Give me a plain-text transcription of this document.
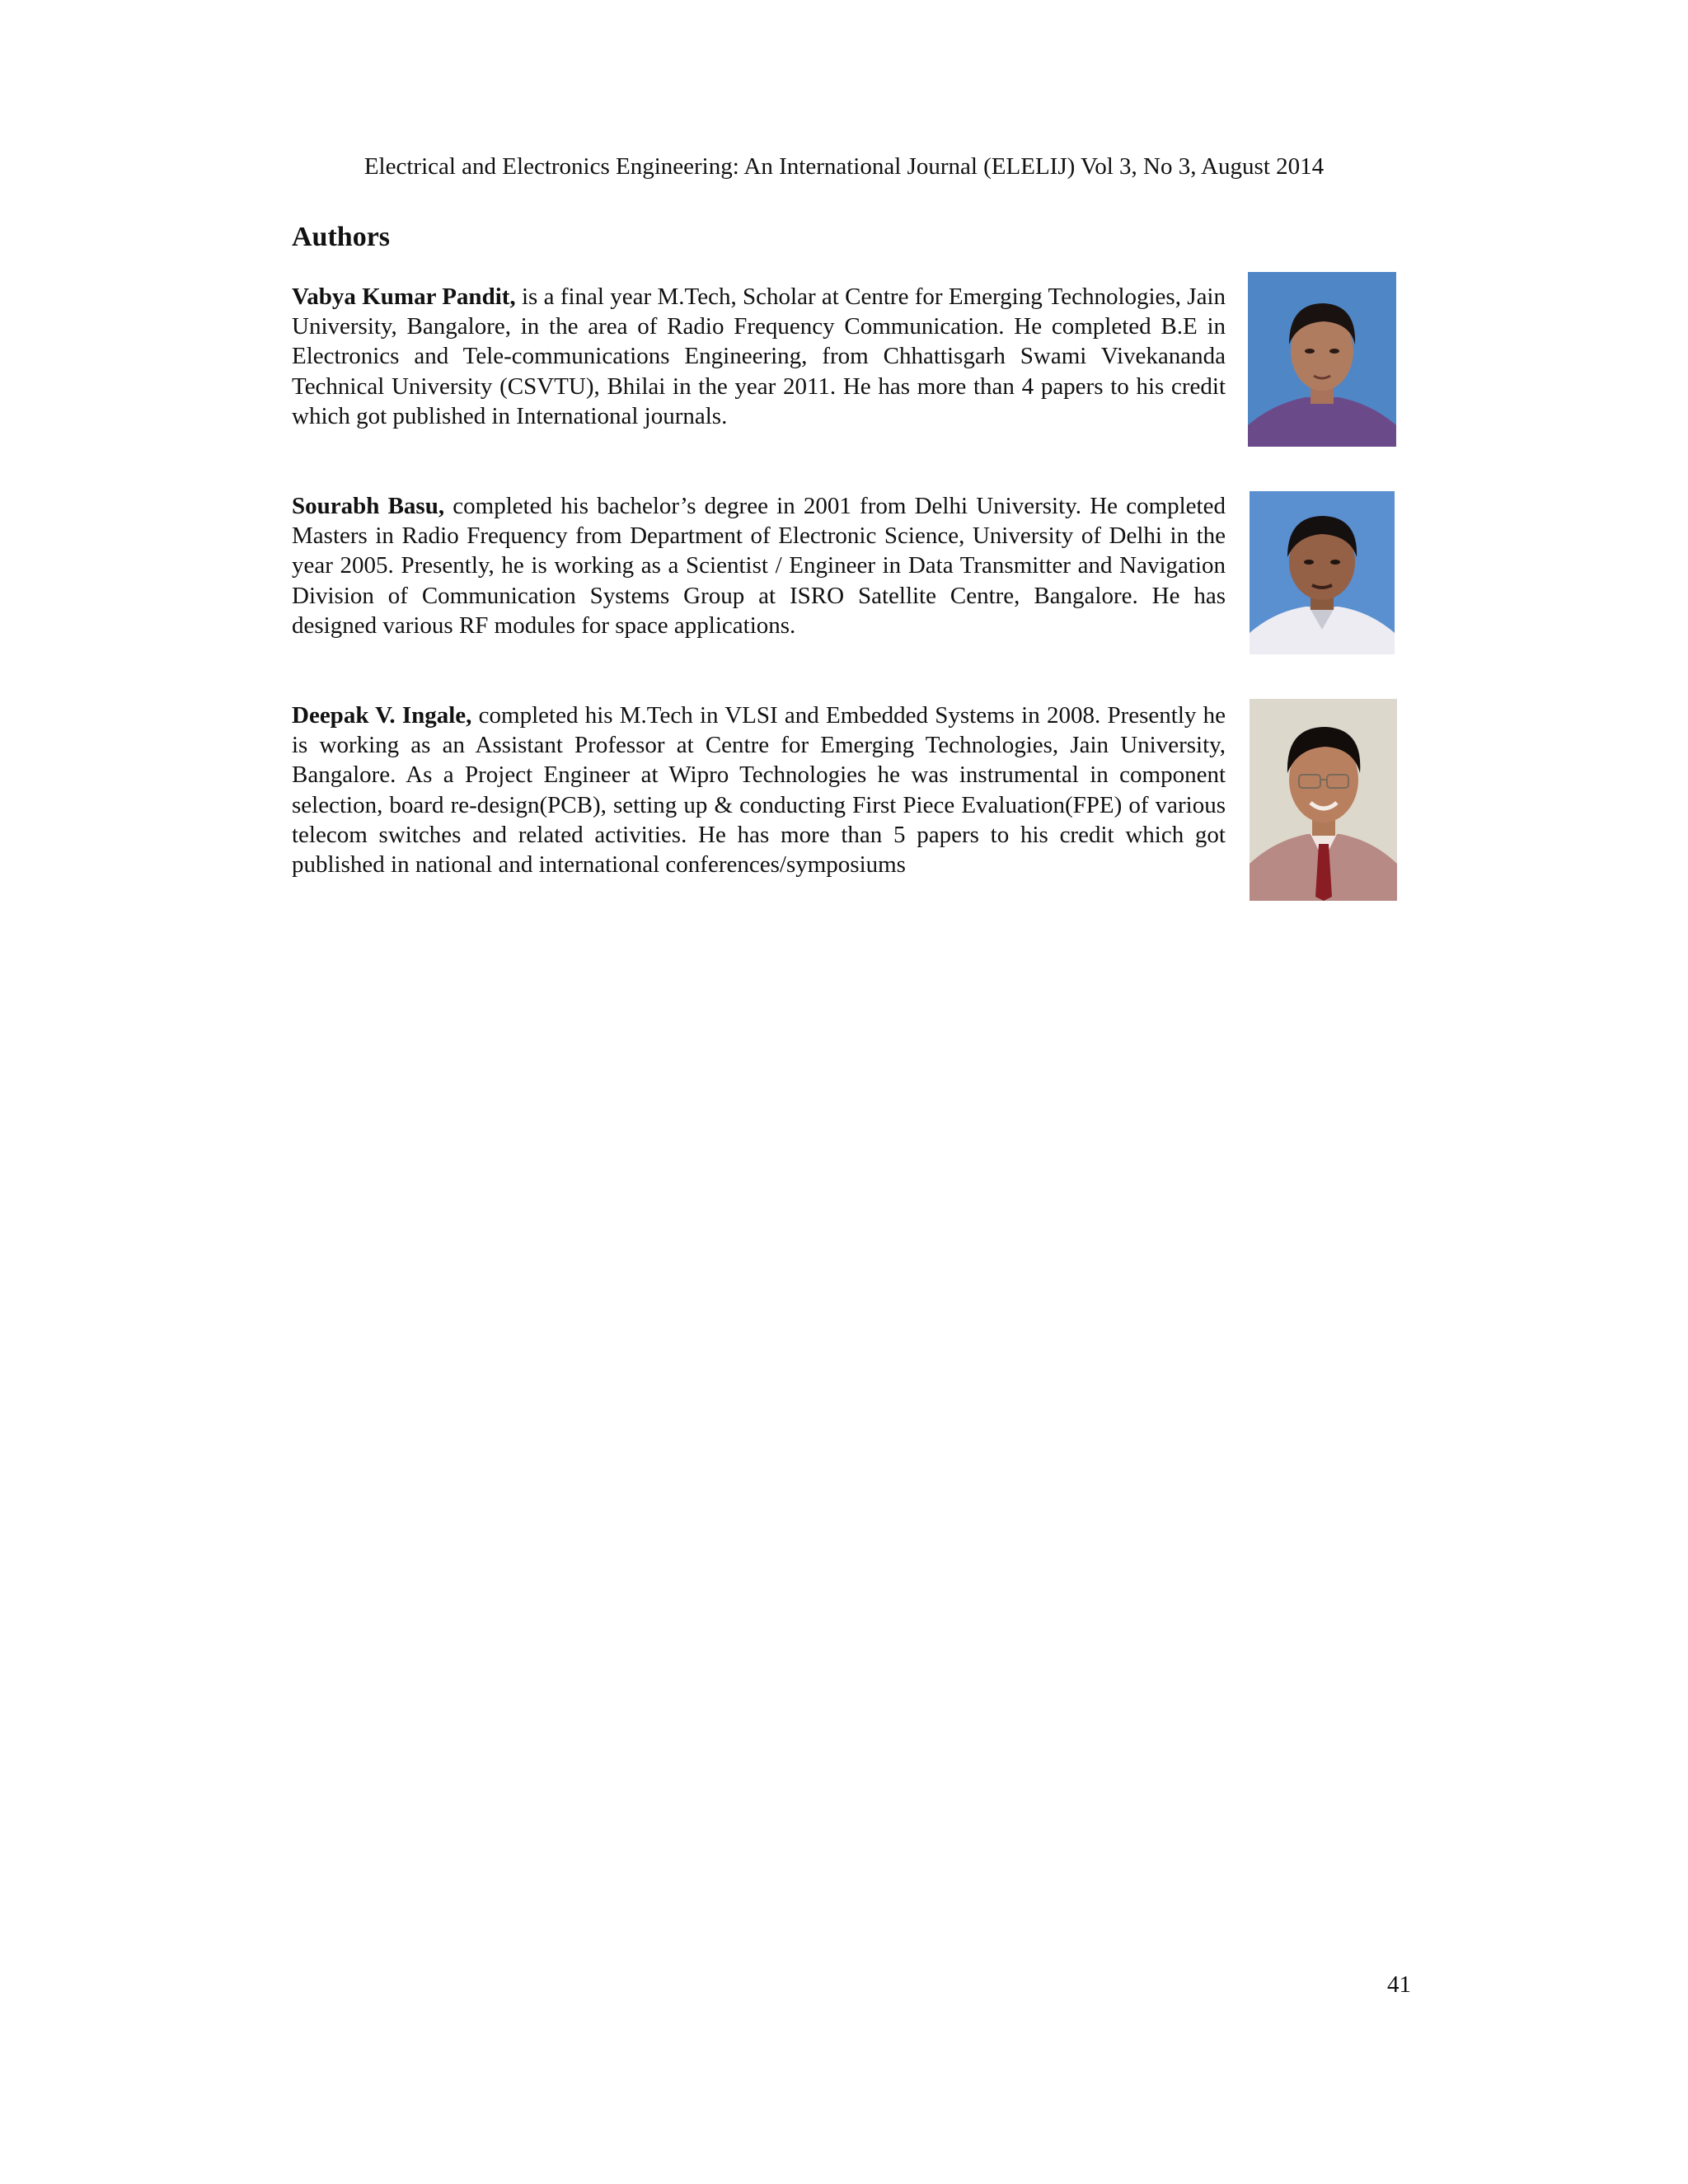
Electrical and Electronics Engineering: An International Journal (ELELIJ) Vol 3, No 3, August 2014
Authors
Vabya Kumar Pandit, is a final year M.Tech, Scholar at Centre for Emerging Technologies, Jain University, Bangalore, in the area of Radio Frequency Communication. He completed B.E in Electronics and Tele-communications Engineering, from Chhattisgarh Swami Vivekananda Technical University (CSVTU), Bhilai in the year 2011. He has more than 4 papers to his credit which got published in International journals.
Sourabh Basu, completed his bachelor’s degree in 2001 from Delhi University. He completed Masters in Radio Frequency from Department of Electronic Science, University of Delhi in the year 2005. Presently, he is working as a Scientist / Engineer in Data Transmitter and Navigation Division of Communication Systems Group at ISRO Satellite Centre, Bangalore. He has designed various RF modules for space applications.
Deepak V. Ingale, completed his M.Tech in VLSI and Embedded Systems in 2008. Presently he is working as an Assistant Professor at Centre for Emerging Technologies, Jain University, Bangalore. As a Project Engineer at Wipro Technologies he was instrumental in component selection, board re-design(PCB), setting up & conducting First Piece Evaluation(FPE) of various telecom switches and related activities. He has more than 5 papers to his credit which got published in national and international conferences/symposiums
41
